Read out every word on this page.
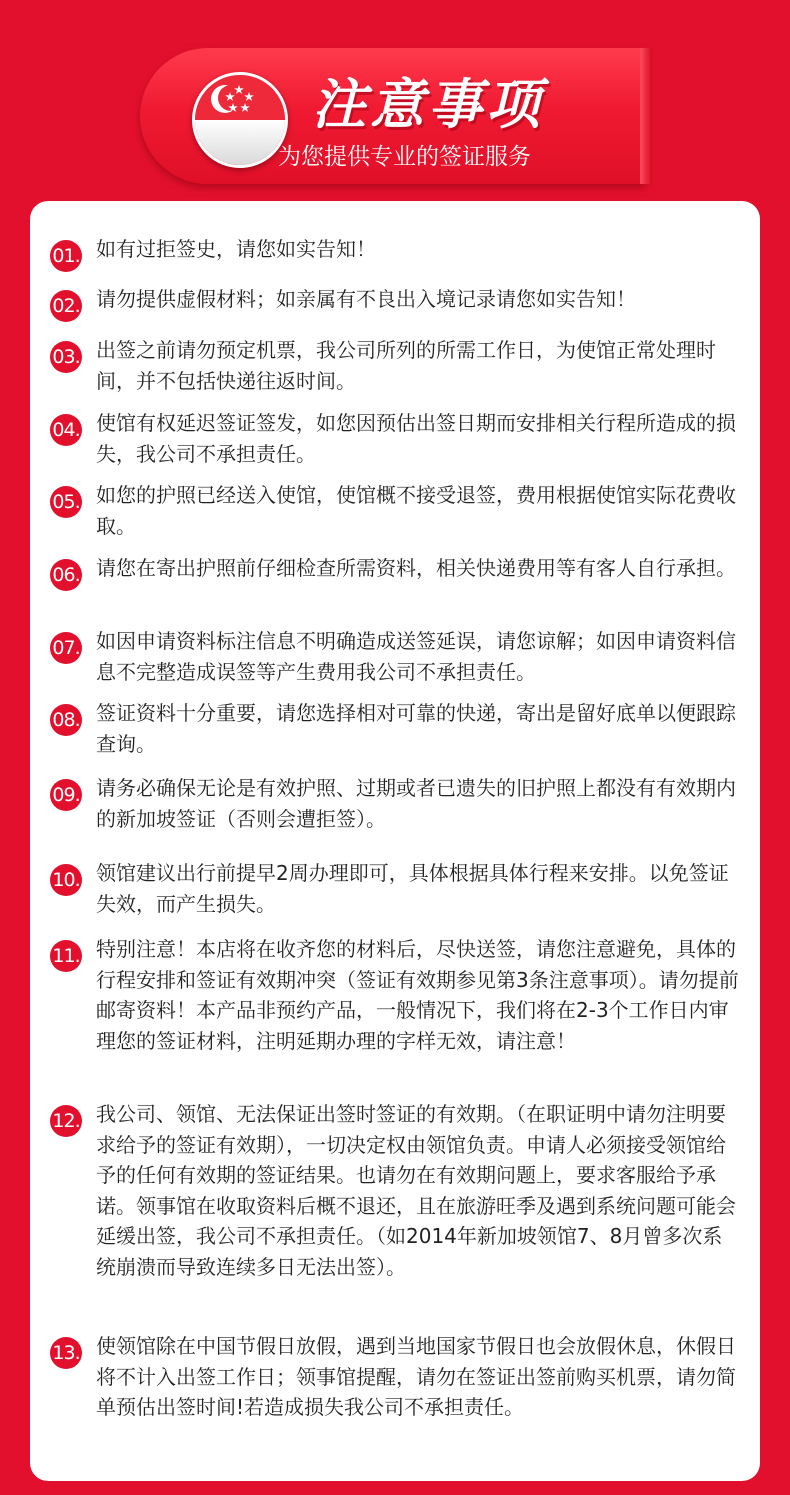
注意事项
为您提供专业的签证服务
01. 如有过拒签史，请您如实告知！
02. 请勿提供虚假材料；如亲属有不良出入境记录请您如实告知！
03. 出签之前请勿预定机票，我公司所列的所需工作日，为使馆正常处理时间，并不包括快递往返时间。
04. 使馆有权延迟签证签发，如您因预估出签日期而安排相关行程所造成的损失，我公司不承担责任。
05. 如您的护照已经送入使馆，使馆概不接受退签，费用根据使馆实际花费收取。
06. 请您在寄出护照前仔细检查所需资料，相关快递费用等有客人自行承担。
07. 如因申请资料标注信息不明确造成送签延误，请您谅解；如因申请资料信息不完整造成误签等产生费用我公司不承担责任。
08. 签证资料十分重要，请您选择相对可靠的快递，寄出是留好底单以便跟踪查询。
09. 请务必确保无论是有效护照、过期或者已遗失的旧护照上都没有有效期内的新加坡签证（否则会遭拒签）。
10. 领馆建议出行前提早2周办理即可，具体根据具体行程来安排。以免签证失效，而产生损失。
11. 特别注意！本店将在收齐您的材料后，尽快送签，请您注意避免，具体的行程安排和签证有效期冲突（签证有效期参见第3条注意事项）。请勿提前邮寄资料！本产品非预约产品，一般情况下，我们将在2-3个工作日内审理您的签证材料，注明延期办理的字样无效，请注意！
12. 我公司、领馆、无法保证出签时签证的有效期。（在职证明中请勿注明要求给予的签证有效期），一切决定权由领馆负责。申请人必须接受领馆给予的任何有效期的签证结果。也请勿在有效期问题上，要求客服给予承诺。领事馆在收取资料后概不退还，且在旅游旺季及遇到系统问题可能会延缓出签，我公司不承担责任。（如2014年新加坡领馆7、8月曾多次系统崩溃而导致连续多日无法出签）。
13. 使领馆除在中国节假日放假，遇到当地国家节假日也会放假休息，休假日将不计入出签工作日；领事馆提醒，请勿在签证出签前购买机票，请勿简单预估出签时间!若造成损失我公司不承担责任。
